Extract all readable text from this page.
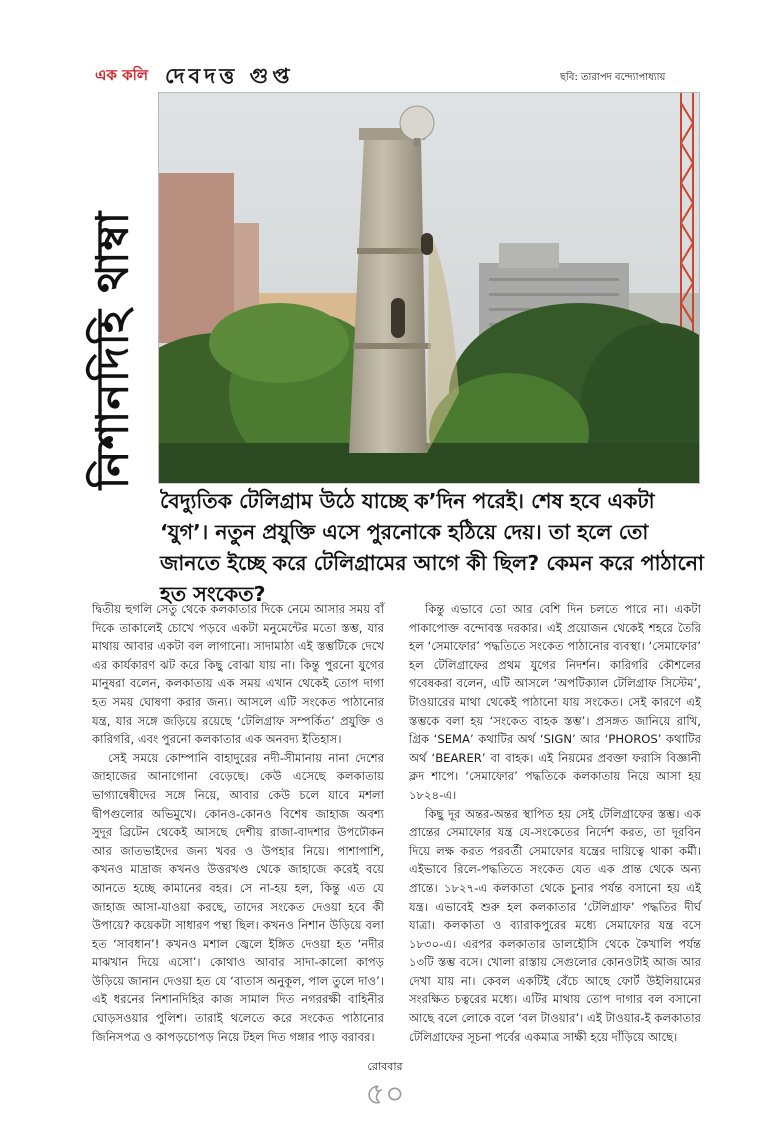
এক কলি দেবদত্ত গুপ্ত	ছবি: তারাপদ বন্দ্যোপাধ্যায়
নিশানদিহি থাম্বা
বৈদ্যুতিক টেলিগ্রাম উঠে যাচ্ছে ক’দিন পরেই। শেষ হবে একটা ‘যুগ’। নতুন প্রযুক্তি এসে পুরনোকে হঠিয়ে দেয়। তা হলে তো জানতে ইচ্ছে করে টেলিগ্রামের আগে কী ছিল? কেমন করে পাঠানো হত সংকেত?

দ্বিতীয় হুগলি সেতু থেকে কলকাতার দিকে নেমে আসার সময় বাঁ দিকে তাকালেই চোখে পড়বে একটা মনুমেন্টের মতো স্তম্ভ, যার মাথায় আবার একটা বল লাগানো। সাদামাঠা এই স্তম্ভটিকে দেখে এর কার্যকারণ ঝট করে কিছু বোঝা যায় না। কিন্তু পুরনো যুগের মানুষরা বলেন, কলকাতায় এক সময় এখান থেকেই তোপ দাগা হত সময় ঘোষণা করার জন্য। আসলে এটি সংকেত পাঠানোর যন্ত্র, যার সঙ্গে জড়িয়ে রয়েছে ‘টেলিগ্রাফ সম্পর্কিত’ প্রযুক্তি ও কারিগরি, এবং পুরনো কলকাতার এক অনবদ্য ইতিহাস।

সেই সময়ে কোম্পানি বাহাদুরের নদী-সীমানায় নানা দেশের জাহাজের আনাগোনা বেড়েছে। কেউ এসেছে কলকাতায় ভাগ্যান্বেষীদের সঙ্গে নিয়ে, আবার কেউ চলে যাবে মশলা দ্বীপগুলোর অভিমুখে। কোনও-কোনও বিশেষ জাহাজ অবশ্য সুদূর ব্রিটেন থেকেই আসছে দেশীয় রাজা-বাদশার উপঢৌকন আর জাতভাইদের জন্য খবর ও উপহার নিয়ে। পাশাপাশি, কখনও মাদ্রাজ কখনও উত্তরখণ্ড থেকে জাহাজে করেই বয়ে আনতে হচ্ছে কামানের বহর। সে না-হয় হল, কিন্তু এত যে জাহাজ আসা-যাওয়া করছে, তাদের সংকেত দেওয়া হবে কী উপায়ে? কয়েকটা সাধারণ পন্থা ছিল। কখনও নিশান উড়িয়ে বলা হত ‘সাবধান’! কখনও মশাল জ্বেলে ইঙ্গিত দেওয়া হত ‘নদীর মাঝখান দিয়ে এসো’। কোথাও আবার সাদা-কালো কাপড় উড়িয়ে জানান দেওয়া হত যে ‘বাতাস অনুকূল, পাল তুলে দাও’। এই ধরনের নিশানদিহির কাজ সামাল দিত নগররক্ষী বাহিনীর ঘোড়সওয়ার পুলিশ। তারাই থলেতে করে সংকেত পাঠানোর জিনিসপত্র ও কাপড়চোপড় নিয়ে টহল দিত গঙ্গার পাড় বরাবর।

কিন্তু এভাবে তো আর বেশি দিন চলতে পারে না। একটা পাকাপোক্ত বন্দোবস্ত দরকার। এই প্রয়োজন থেকেই শহরে তৈরি হল ‘সেমাফোর’ পদ্ধতিতে সংকেত পাঠানোর ব্যবস্থা। ‘সেমাফোর’ হল টেলিগ্রাফের প্রথম যুগের নিদর্শন। কারিগরি কৌশলের গবেষকরা বলেন, এটি আসলে ‘অপটিক্যাল টেলিগ্রাফ সিস্টেম’, টাওয়ারের মাথা থেকেই পাঠানো যায় সংকেত। সেই কারণে এই স্তম্ভকে বলা হয় ‘সংকেত বাহক স্তম্ভ’। প্রসঙ্গত জানিয়ে রাখি, গ্রিক ‘SEMA’ কথাটির অর্থ ‘SIGN’ আর ‘PHOROS’ কথাটির অর্থ ‘BEARER’ বা বাহক। এই নিয়মের প্রবক্তা ফরাসি বিজ্ঞানী ক্লদ শাপে। ‘সেমাফোর’ পদ্ধতিকে কলকাতায় নিয়ে আসা হয় ১৮২৪-এ।

কিছু দূর অন্তর-অন্তর স্থাপিত হয় সেই টেলিগ্রাফের স্তম্ভ। এক প্রান্তের সেমাফোর যন্ত্র যে-সংকেতের নির্দেশ করত, তা দূরবিন দিয়ে লক্ষ করত পরবর্তী সেমাফোর যন্ত্রের দায়িত্বে থাকা কর্মী। এইভাবে রিলে-পদ্ধতিতে সংকেত যেত এক প্রান্ত থেকে অন্য প্রান্তে। ১৮২৭-এ কলকাতা থেকে চুনার পর্যন্ত বসানো হয় এই যন্ত্র। এভাবেই শুরু হল কলকাতার ‘টেলিগ্রাফ’ পদ্ধতির দীর্ঘ যাত্রা। কলকাতা ও ব্যারাকপুরের মধ্যে সেমাফোর যন্ত্র বসে ১৮৩০-এ। এরপর কলকাতার ডালহৌসি থেকে কৈখালি পর্যন্ত ১৩টি স্তম্ভ বসে। খোলা রাস্তায় সেগুলোর কোনওটাই আজ আর দেখা যায় না। কেবল একটিই বেঁচে আছে ফোর্ট উইলিয়ামের সংরক্ষিত চত্বরের মধ্যে। এটির মাথায় তোপ দাগার বল বসানো আছে বলে লোকে বলে ‘বল টাওয়ার’। এই টাওয়ার-ই কলকাতার টেলিগ্রাফের সূচনা পর্বের একমাত্র সাক্ষী হয়ে দাঁড়িয়ে আছে।

রোববার
৫০
